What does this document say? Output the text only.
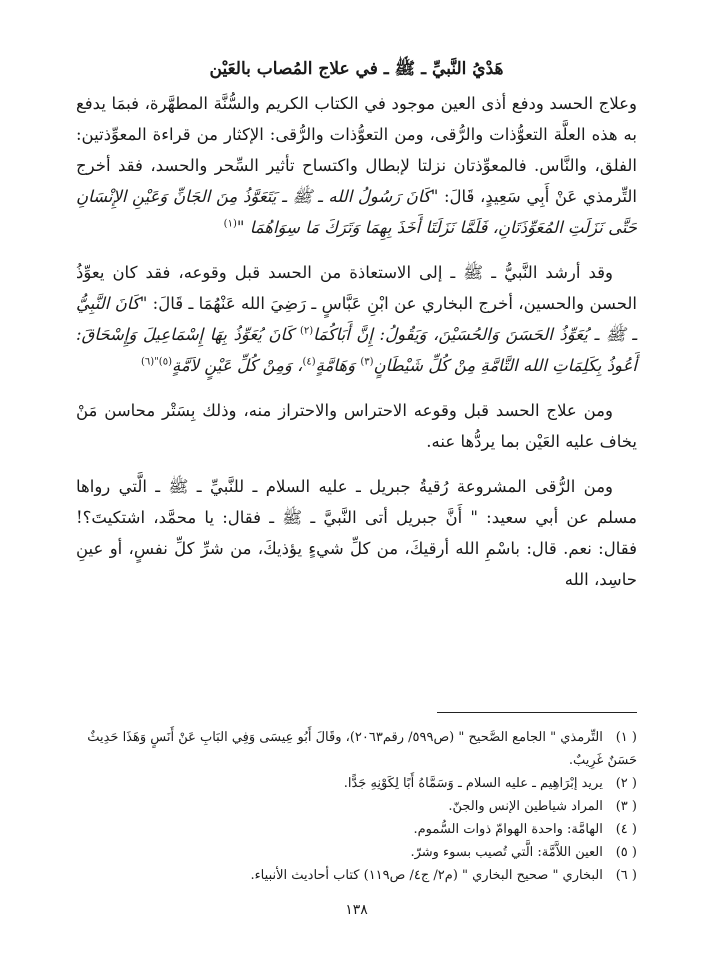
هَدْيُ النَّبيِّ ـ ﷺ ـ في علاج المُصاب بالعَيْن

وعلاج الحسد ودفع أذى العين موجود في الكتاب الكريم والسُّنَّة المطهَّرة، فبمَا يدفع به هذه العلَّة التعوُّذات والرُّقى، ومن التعوُّذات والرُّقى: الإكثار من قراءة المعوِّذتين: الفلق، والنَّاس. فالمعوِّذتان نزلتا لإبطال واكتساح تأثير السِّحر والحسد، فقد أخرج التِّرمذي عَنْ أَبِي سَعِيدٍ، قَالَ: "كَانَ رَسُولُ الله ـ ﷺ ـ يَتَعَوَّذُ مِنَ الجَانِّ وَعَيْنِ الإِنْسَانِ حَتَّى نَزَلَتِ المُعَوِّذَتَانِ، فَلَمَّا نَزَلَتَا أَخَذَ بِهِمَا وَتَرَكَ مَا سِوَاهُمَا "$^{(١)}$

وقد أرشد النَّبيُّ ـ ﷺ ـ إلى الاستعاذة من الحسد قبل وقوعه، فقد كان يعوِّذُ الحسن والحسين، أخرج البخاري عن ابْنِ عَبَّاسٍ ـ رَضِيَ الله عَنْهُمَا ـ قَالَ: "كَانَ النَّبِيُّ ـ ﷺ ـ يُعَوِّذُ الحَسَنَ وَالحُسَيْنَ، وَيَقُولُ: إِنَّ أَبَاكُمَا$^{(٢)}$ كَانَ يُعَوِّذُ بِهَا إِسْمَاعِيلَ وَإِسْحَاقَ: أَعُوذُ بِكَلِمَاتِ الله التَّامَّةِ مِنْ كُلِّ شَيْطَانٍ$^{(٣)}$ وَهَامَّةٍ$^{(٤)}$، وَمِنْ كُلِّ عَيْنٍ لاَمَّةٍ$^{(٥)"(٦)}$

ومن علاج الحسد قبل وقوعه الاحتراس والاحتراز منه، وذلك بِسَتْر محاسن مَنْ يخاف عليه العَيْن بما يردُّها عنه.

ومن الرُّقى المشروعة رُقيةُ جبريل ـ عليه السلام ـ للنَّبيِّ ـ ﷺ ـ الَّتي رواها مسلم عن أبي سعيد: " أَنَّ جبريل أتى النَّبيَّ ـ ﷺ ـ فقال: يا محمَّد، اشتكيتَ؟! فقال: نعم. قال: باسْمِ الله أرقيكَ، من كلِّ شيءٍ يؤذيكَ، من شرِّ كلِّ نفسٍ، أو عينِ حاسِد، الله

( ١) التِّرمذي " الجامع الصَّحيح " (ص٥٩٩/ رقم٢٠٦٣)، وقَالَ أَبُو عِيسَى وَفِي البَابِ عَنْ أَنَسٍ وَهَذَا حَدِيثٌ حَسَنٌ غَرِيبٌ.

( ٢) يريد إبْرَاهِيم ـ عليه السلام ـ وَسَمَّاهُ أَبًا لِكَوْنِهِ جَدًّا.

( ٣) المراد شياطين الإنس والجنّ.

( ٤) الهامَّة: واحدة الهوامّ ذوات السُّموم.

( ٥) العين اللاَّمَّة: الَّتي تُصيب بسوء وشرّ.

( ٦) البخاري " صحيح البخاري " (م٢/ ج٤/ ص١١٩) كتاب أحاديث الأنبياء.

١٣٨
